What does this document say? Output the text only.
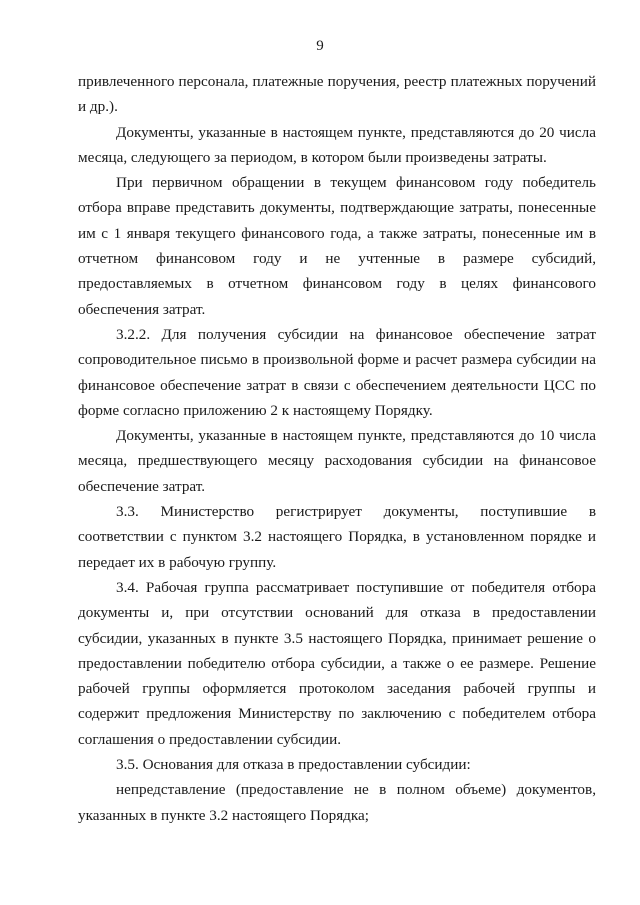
9

привлеченного персонала, платежные поручения, реестр платежных поручений и др.).

Документы, указанные в настоящем пункте, представляются до 20 числа месяца, следующего за периодом, в котором были произведены затраты.

При первичном обращении в текущем финансовом году победитель отбора вправе представить документы, подтверждающие затраты, понесенные им с 1 января текущего финансового года, а также затраты, понесенные им в отчетном финансовом году и не учтенные в размере субсидий, предоставляемых в отчетном финансовом году в целях финансового обеспечения затрат.

3.2.2. Для получения субсидии на финансовое обеспечение затрат сопроводительное письмо в произвольной форме и расчет размера субсидии на финансовое обеспечение затрат в связи с обеспечением деятельности ЦСС по форме согласно приложению 2 к настоящему Порядку.

Документы, указанные в настоящем пункте, представляются до 10 числа месяца, предшествующего месяцу расходования субсидии на финансовое обеспечение затрат.

3.3. Министерство регистрирует документы, поступившие в соответствии с пунктом 3.2 настоящего Порядка, в установленном порядке и передает их в рабочую группу.

3.4. Рабочая группа рассматривает поступившие от победителя отбора документы и, при отсутствии оснований для отказа в предоставлении субсидии, указанных в пункте 3.5 настоящего Порядка, принимает решение о предоставлении победителю отбора субсидии, а также о ее размере. Решение рабочей группы оформляется протоколом заседания рабочей группы и содержит предложения Министерству по заключению с победителем отбора соглашения о предоставлении субсидии.

3.5. Основания для отказа в предоставлении субсидии:

непредставление (предоставление не в полном объеме) документов, указанных в пункте 3.2 настоящего Порядка;
